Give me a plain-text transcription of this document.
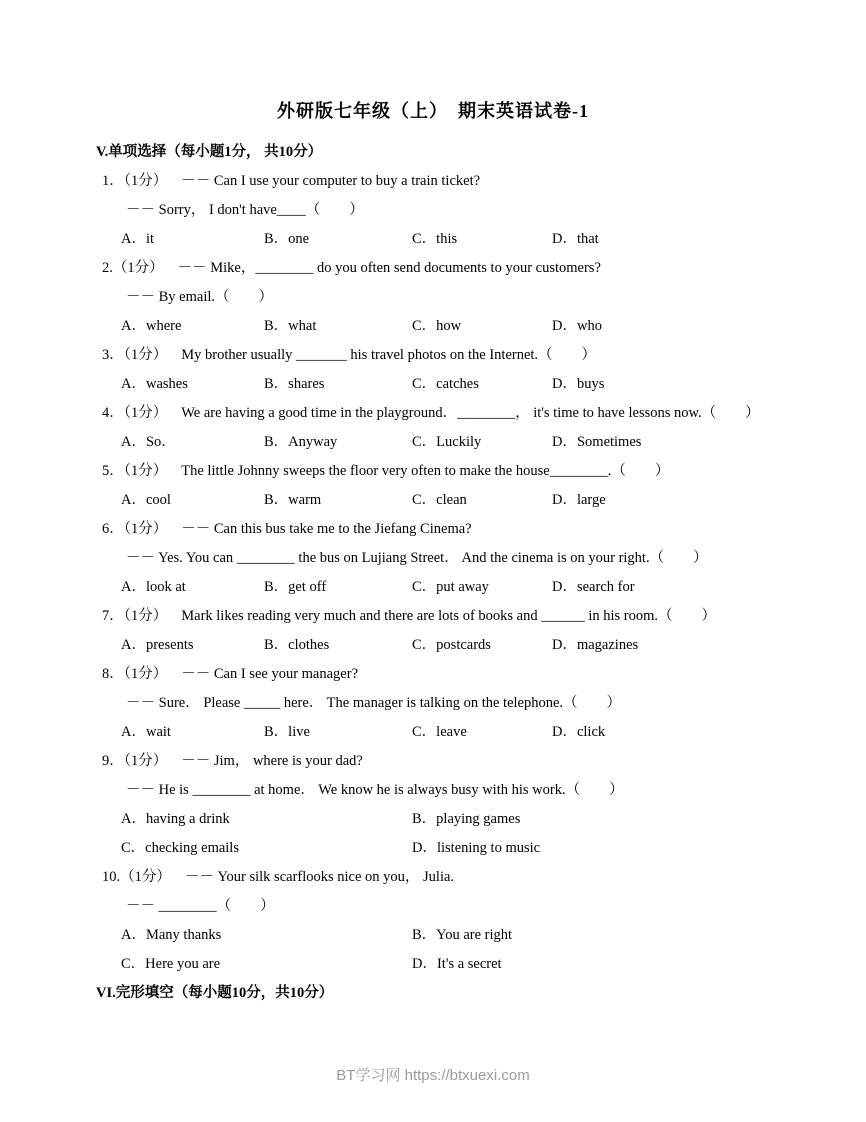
外研版七年级（上）　期末英语试卷-1
V.单项选择（每小题1分， 共10分）
1．（1分） －－ Can I use your computer to buy a train ticket?
－－ Sorry， I don't have____（　　）
A．it	B．one	C．this	D．that
2.（1分） －－ Mike，________ do you often send documents to your customers?
－－ By email.（　　）
A．where	B．what	C．how	D．who
3．（1分） My brother usually _______ his travel photos on the Internet.（　　）
A．washes	B．shares	C．catches	D．buys
4．（1分） We are having a good time in the playground．________， it's time to have lessons now.（　　）
A．So．	B．Anyway	C．Luckily	D．Sometimes
5．（1分） The little Johnny sweeps the floor very often to make the house________.（　　）
A．cool	B．warm	C．clean	D．large
6．（1分） －－ Can this bus take me to the Jiefang Cinema?
－－ Yes. You can ________ the bus on Lujiang Street． And the cinema is on your right.（　　）
A．look at	B．get off	C．put away	D．search for
7．（1分） Mark likes reading very much and there are lots of books and ______ in his room.（　　）
A．presents	B．clothes	C．postcards	D．magazines
8．（1分） －－ Can I see your manager?
－－ Sure． Please _____ here． The manager is talking on the telephone.（　　）
A．wait	B．live	C．leave	D．click
9．（1分） －－ Jim， where is your dad?
－－ He is ________ at home． We know he is always busy with his work.（　　）
A．having a drink	B．playing games
C．checking emails	D．listening to music
10.（1分） －－ Your silk scarflooks nice on you， Julia.
－－ ________（　　）
A．Many thanks	B．You are right
C．Here you are	D．It's a secret
VI.完形填空（每小题10分，共10分）
BT学习网 https://btxuexi.com
